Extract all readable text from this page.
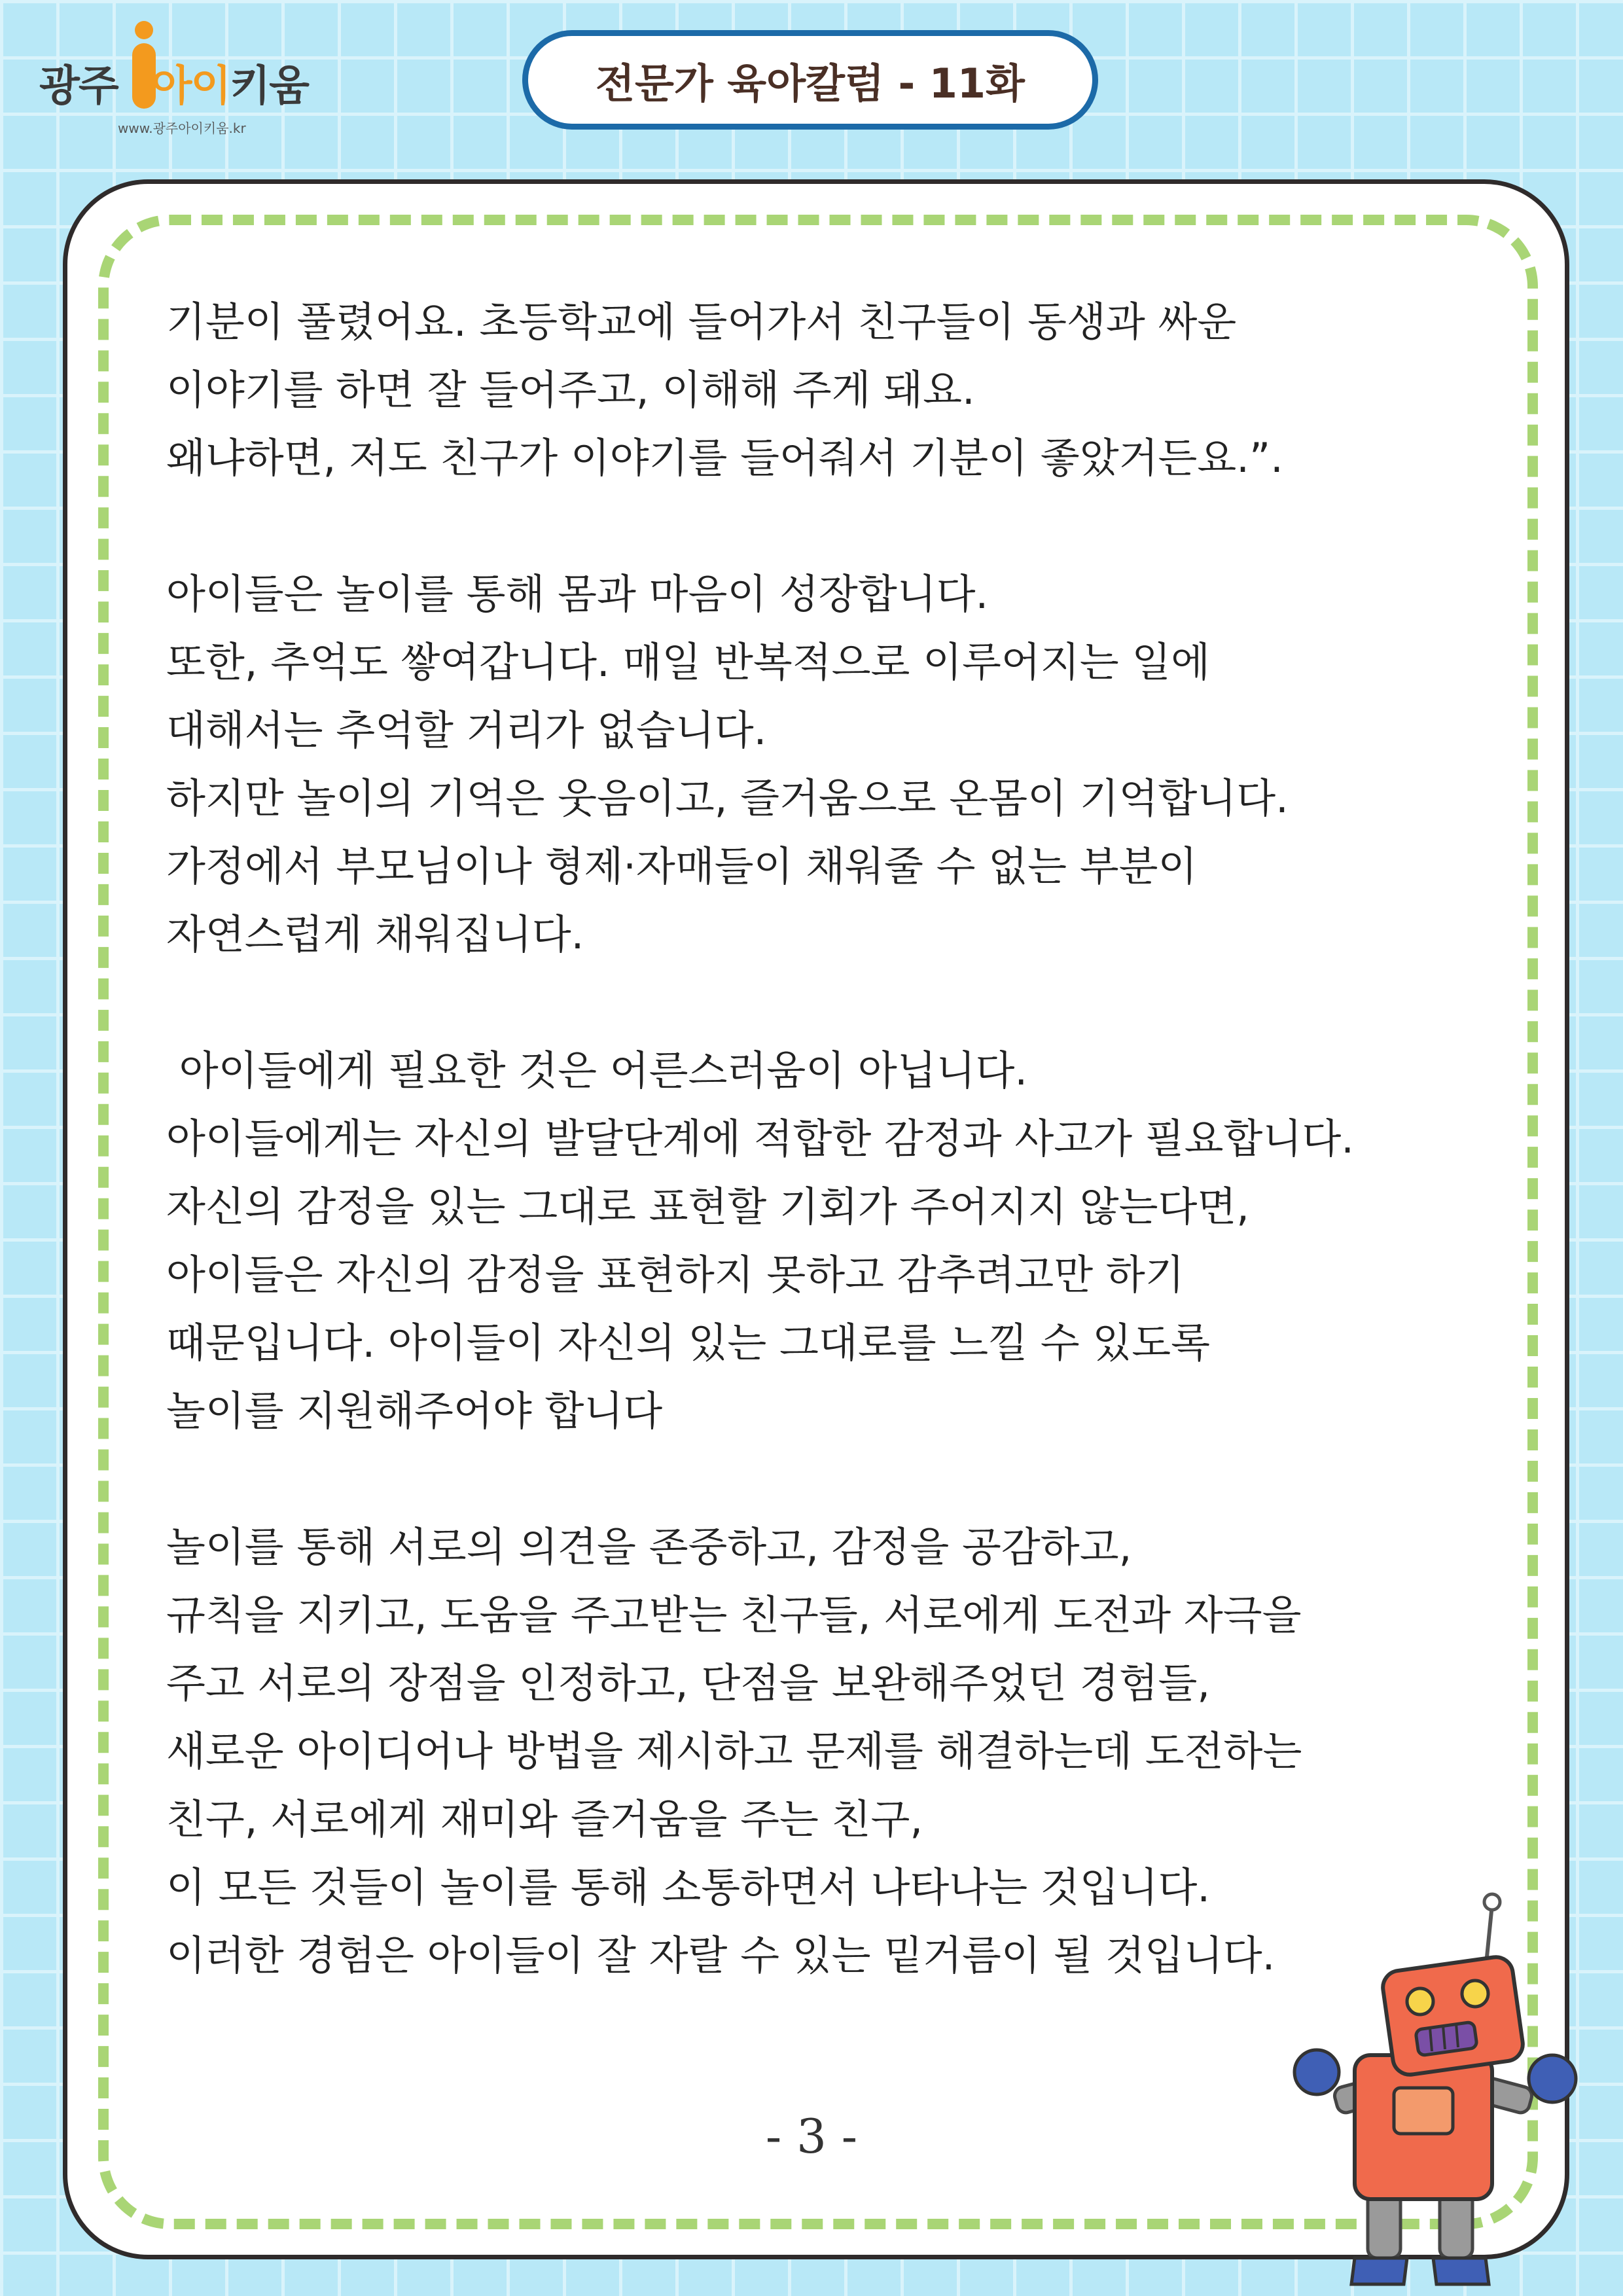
광주 아이키움
www.광주아이키움.kr
전문가 육아칼럼 - 11화
기분이 풀렸어요. 초등학교에 들어가서 친구들이 동생과 싸운
이야기를 하면 잘 들어주고, 이해해 주게 돼요.
왜냐하면, 저도 친구가 이야기를 들어줘서 기분이 좋았거든요.”.
아이들은 놀이를 통해 몸과 마음이 성장합니다.
또한, 추억도 쌓여갑니다. 매일 반복적으로 이루어지는 일에
대해서는 추억할 거리가 없습니다.
하지만 놀이의 기억은 웃음이고, 즐거움으로 온몸이 기억합니다.
가정에서 부모님이나 형제·자매들이 채워줄 수 없는 부분이
자연스럽게 채워집니다.
아이들에게 필요한 것은 어른스러움이 아닙니다.
아이들에게는 자신의 발달단계에 적합한 감정과 사고가 필요합니다.
자신의 감정을 있는 그대로 표현할 기회가 주어지지 않는다면,
아이들은 자신의 감정을 표현하지 못하고 감추려고만 하기
때문입니다. 아이들이 자신의 있는 그대로를 느낄 수 있도록
놀이를 지원해주어야 합니다
놀이를 통해 서로의 의견을 존중하고, 감정을 공감하고,
규칙을 지키고, 도움을 주고받는 친구들, 서로에게 도전과 자극을
주고 서로의 장점을 인정하고, 단점을 보완해주었던 경험들,
새로운 아이디어나 방법을 제시하고 문제를 해결하는데 도전하는
친구, 서로에게 재미와 즐거움을 주는 친구,
이 모든 것들이 놀이를 통해 소통하면서 나타나는 것입니다.
이러한 경험은 아이들이 잘 자랄 수 있는 밑거름이 될 것입니다.
- 3 -
